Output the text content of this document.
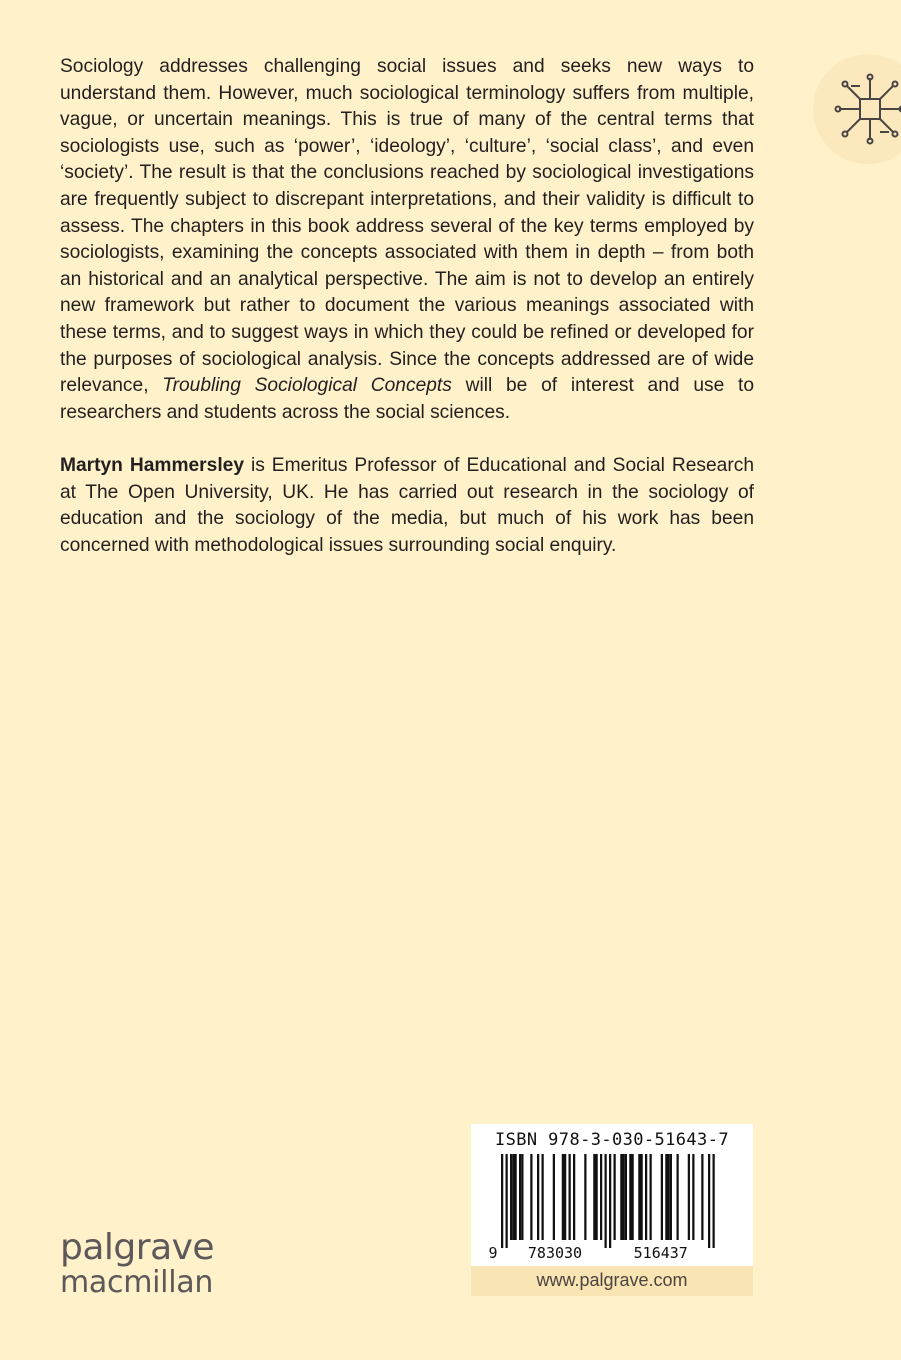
Sociology addresses challenging social issues and seeks new ways to understand them. However, much sociological terminology suffers from multiple, vague, or uncertain meanings. This is true of many of the central terms that sociologists use, such as ‘power’, ‘ideology’, ‘culture’, ‘social class’, and even ‘society’. The result is that the conclusions reached by sociological investigations are frequently subject to discrepant interpretations, and their validity is difficult to assess. The chapters in this book address several of the key terms employed by sociologists, examining the concepts associated with them in depth – from both an historical and an analytical perspective. The aim is not to develop an entirely new framework but rather to document the various meanings associated with these terms, and to suggest ways in which they could be refined or developed for the purposes of sociological analysis. Since the concepts addressed are of wide relevance, Troubling Sociological Concepts will be of interest and use to researchers and students across the social sciences.

Martyn Hammersley is Emeritus Professor of Educational and Social Research at The Open University, UK. He has carried out research in the sociology of education and the sociology of the media, but much of his work has been concerned with methodological issues surrounding social enquiry.

ISBN 978-3-030-51643-7

9 783030	516437
www.palgrave.com
palgrave
macmillan
